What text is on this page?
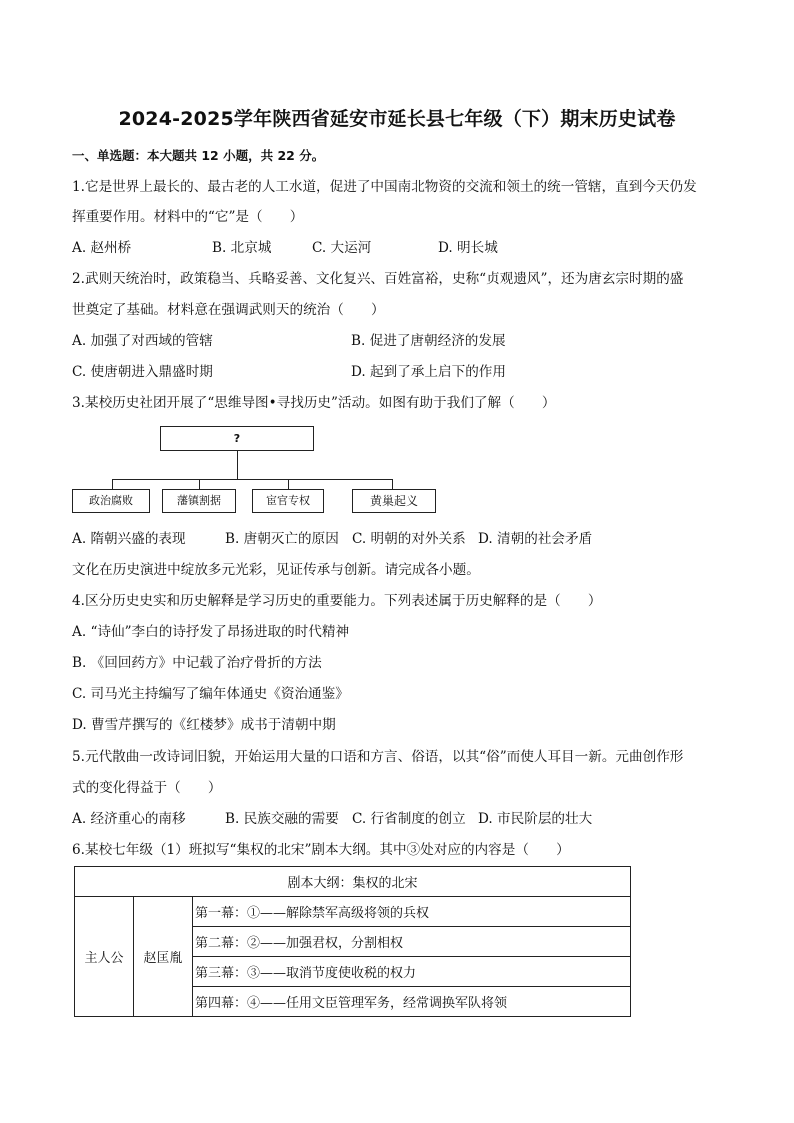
2024-2025学年陕西省延安市延长县七年级（下）期末历史试卷
一、单选题：本大题共 12 小题，共 22 分。
1.它是世界上最长的、最古老的人工水道，促进了中国南北物资的交流和领土的统一管辖，直到今天仍发
挥重要作用。材料中的“它”是（　　）
A. 赵州桥	B. 北京城	C. 大运河	D. 明长城
2.武则天统治时，政策稳当、兵略妥善、文化复兴、百姓富裕，史称“贞观遗风”，还为唐玄宗时期的盛
世奠定了基础。材料意在强调武则天的统治（　　）
A. 加强了对西域的管辖	B. 促进了唐朝经济的发展
C. 使唐朝进入鼎盛时期	D. 起到了承上启下的作用
3.某校历史社团开展了“思维导图•寻找历史”活动。如图有助于我们了解（　　）
?
政治腐败	藩镇割据	宦官专权	黄巢起义
A. 隋朝兴盛的表现	B. 唐朝灭亡的原因 C. 明朝的对外关系 D. 清朝的社会矛盾
文化在历史演进中绽放多元光彩，见证传承与创新。请完成各小题。
4.区分历史史实和历史解释是学习历史的重要能力。下列表述属于历史解释的是（　　）
A. “诗仙”李白的诗抒发了昂扬进取的时代精神
B. 《回回药方》中记载了治疗骨折的方法
C. 司马光主持编写了编年体通史《资治通鉴》
D. 曹雪芹撰写的《红楼梦》成书于清朝中期
5.元代散曲一改诗词旧貌，开始运用大量的口语和方言、俗语，以其“俗”而使人耳目一新。元曲创作形
式的变化得益于（　　）
A. 经济重心的南移	B. 民族交融的需要 C. 行省制度的创立 D. 市民阶层的壮大
6.某校七年级（1）班拟写“集权的北宋”剧本大纲。其中③处对应的内容是（　　）
剧本大纲：集权的北宋
主人公	赵匡胤	第一幕：①——解除禁军高级将领的兵权
第二幕：②——加强君权，分割相权
第三幕：③——取消节度使收税的权力
第四幕：④——任用文臣管理军务，经常调换军队将领
